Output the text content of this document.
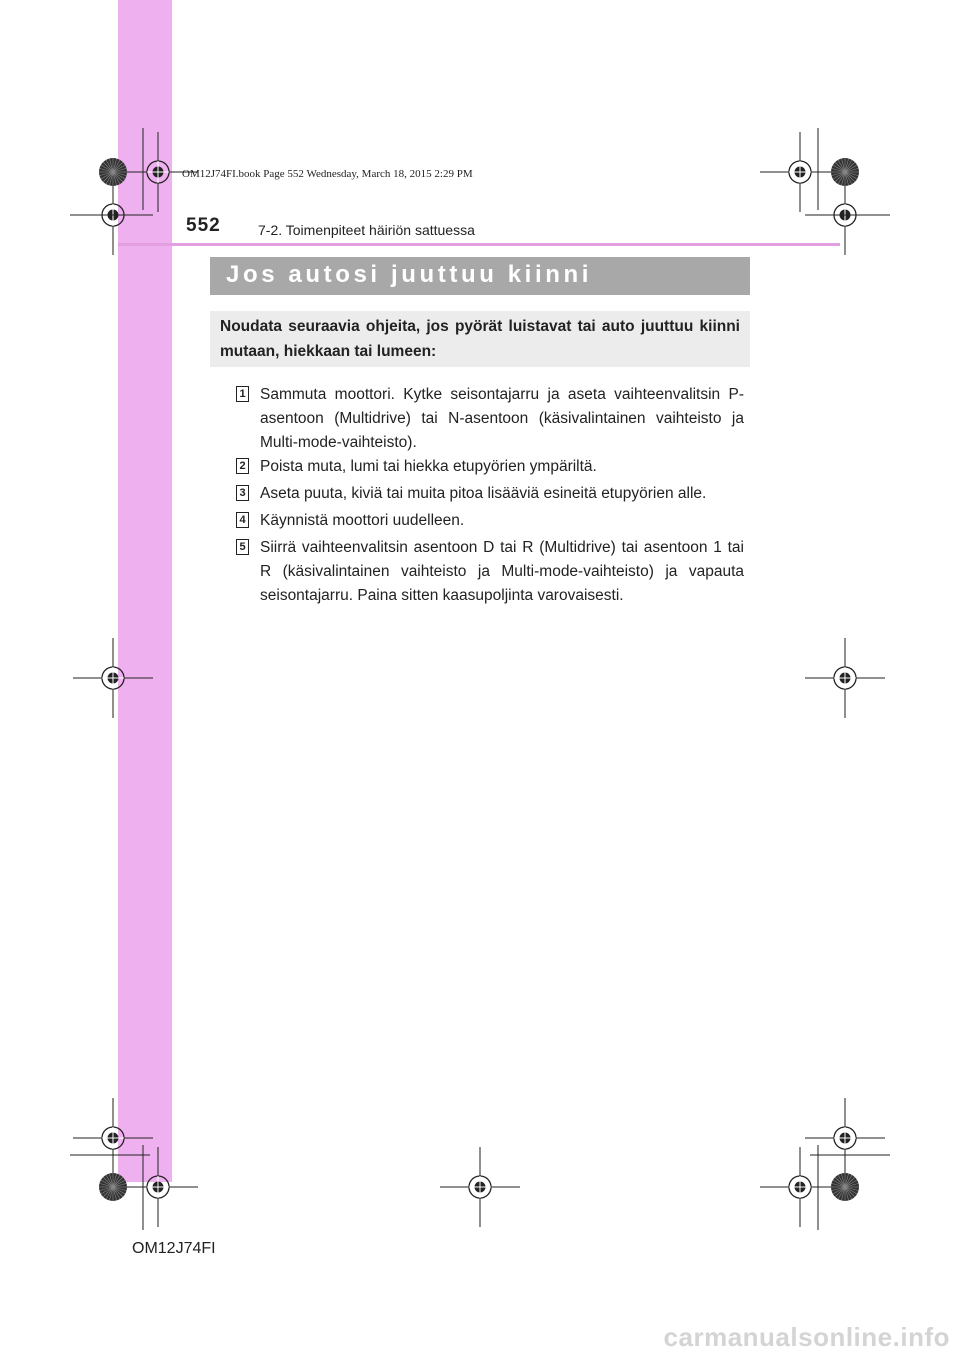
OM12J74FI.book Page 552 Wednesday, March 18, 2015 2:29 PM
552	7-2. Toimenpiteet häiriön sattuessa
Jos autosi juuttuu kiinni
Noudata seuraavia ohjeita, jos pyörät luistavat tai auto juuttuu kiinni mutaan, hiekkaan tai lumeen:
1 Sammuta moottori. Kytke seisontajarru ja aseta vaihteenvalitsin P-asentoon (Multidrive) tai N-asentoon (käsivalintainen vaihteisto ja Multi-mode-vaihteisto).
2 Poista muta, lumi tai hiekka etupyörien ympäriltä.
3 Aseta puuta, kiviä tai muita pitoa lisääviä esineitä etupyörien alle.
4 Käynnistä moottori uudelleen.
5 Siirrä vaihteenvalitsin asentoon D tai R (Multidrive) tai asentoon 1 tai R (käsivalintainen vaihteisto ja Multi-mode-vaihteisto) ja vapauta seisontajarru. Paina sitten kaasupoljinta varovaisesti.
OM12J74FI
carmanualsonline.info
